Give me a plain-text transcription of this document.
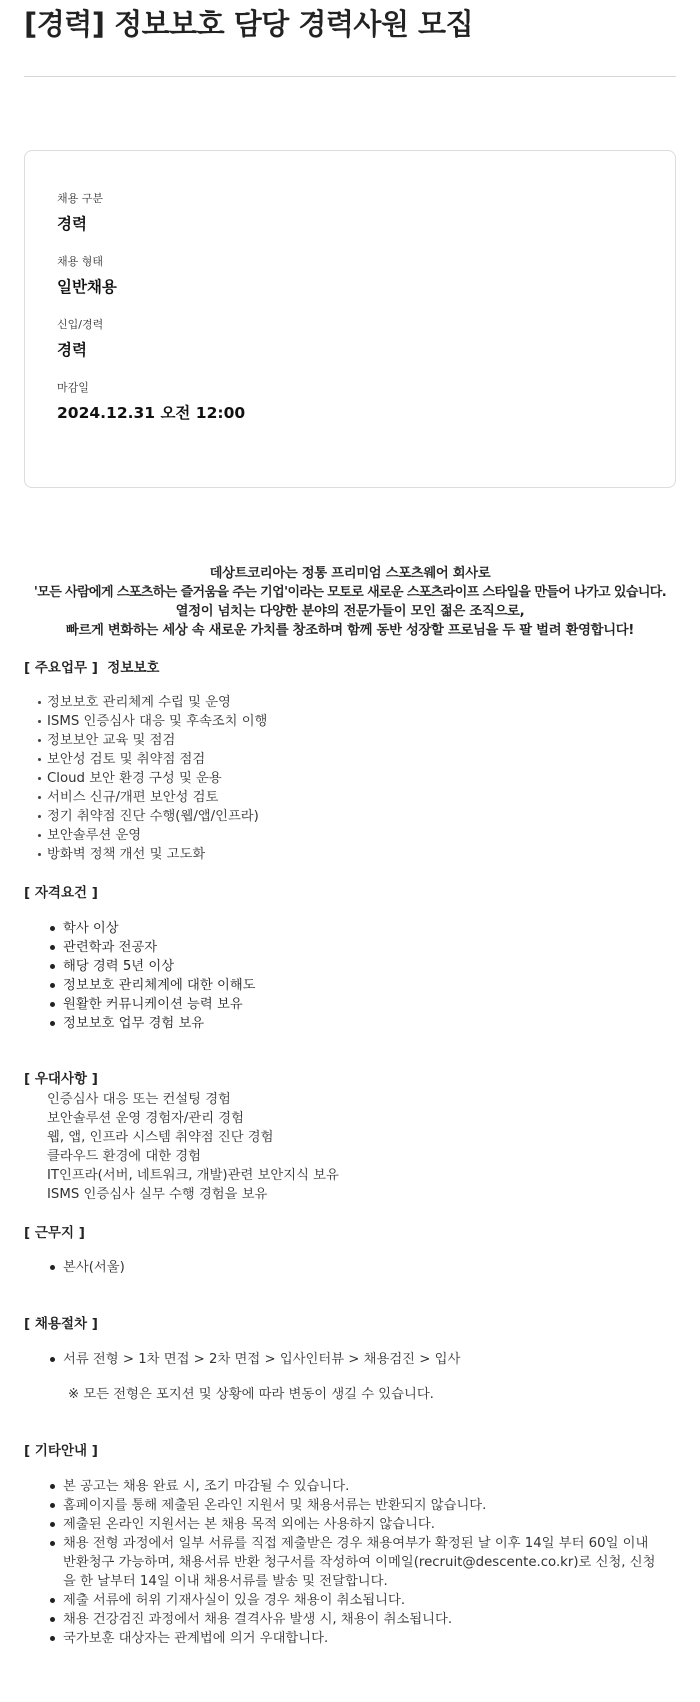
[경력] 정보보호 담당 경력사원 모집
채용 구분
경력
채용 형태
일반채용
신입/경력
경력
마감일
2024.12.31 오전 12:00
데상트코리아는 정통 프리미엄 스포츠웨어 회사로
'모든 사람에게 스포츠하는 즐거움을 주는 기업'이라는 모토로 새로운 스포츠라이프 스타일을 만들어 나가고 있습니다.
열정이 넘치는 다양한 분야의 전문가들이 모인 젊은 조직으로,
빠르게 변화하는 세상 속 새로운 가치를 창조하며 함께 동반 성장할 프로님을 두 팔 벌려 환영합니다!
[ 주요업무 ]  정보보호
정보보호 관리체계 수립 및 운영
ISMS 인증심사 대응 및 후속조치 이행
정보보안 교육 및 점검
보안성 검토 및 취약점 점검
Cloud 보안 환경 구성 및 운용
서비스 신규/개편 보안성 검토
정기 취약점 진단 수행(웹/앱/인프라)
보안솔루션 운영
방화벽 정책 개선 및 고도화
[ 자격요건 ]
학사 이상
관련학과 전공자
해당 경력 5년 이상
정보보호 관리체계에 대한 이해도
원활한 커뮤니케이션 능력 보유
정보보호 업무 경험 보유
[ 우대사항 ]
인증심사 대응 또는 컨설팅 경험
보안솔루션 운영 경험자/관리 경험
웹, 앱, 인프라 시스템 취약점 진단 경험
클라우드 환경에 대한 경험
IT인프라(서버, 네트워크, 개발)관련 보안지식 보유
ISMS 인증심사 실무 수행 경험을 보유
[ 근무지 ]
본사(서울)
[ 채용절차 ]
서류 전형 > 1차 면접 > 2차 면접 > 입사인터뷰 > 채용검진 > 입사
※ 모든 전형은 포지션 및 상황에 따라 변동이 생길 수 있습니다.
[ 기타안내 ]
본 공고는 채용 완료 시, 조기 마감될 수 있습니다.
홈페이지를 통해 제출된 온라인 지원서 및 채용서류는 반환되지 않습니다.
제출된 온라인 지원서는 본 채용 목적 외에는 사용하지 않습니다.
채용 전형 과정에서 일부 서류를 직접 제출받은 경우 채용여부가 확정된 날 이후 14일 부터 60일 이내 반환청구 가능하며, 채용서류 반환 청구서를 작성하여 이메일(recruit@descente.co.kr)로 신청, 신청을 한 날부터 14일 이내 채용서류를 발송 및 전달합니다.
제출 서류에 허위 기재사실이 있을 경우 채용이 취소됩니다.
채용 건강검진 과정에서 채용 결격사유 발생 시, 채용이 취소됩니다.
국가보훈 대상자는 관계법에 의거 우대합니다.
